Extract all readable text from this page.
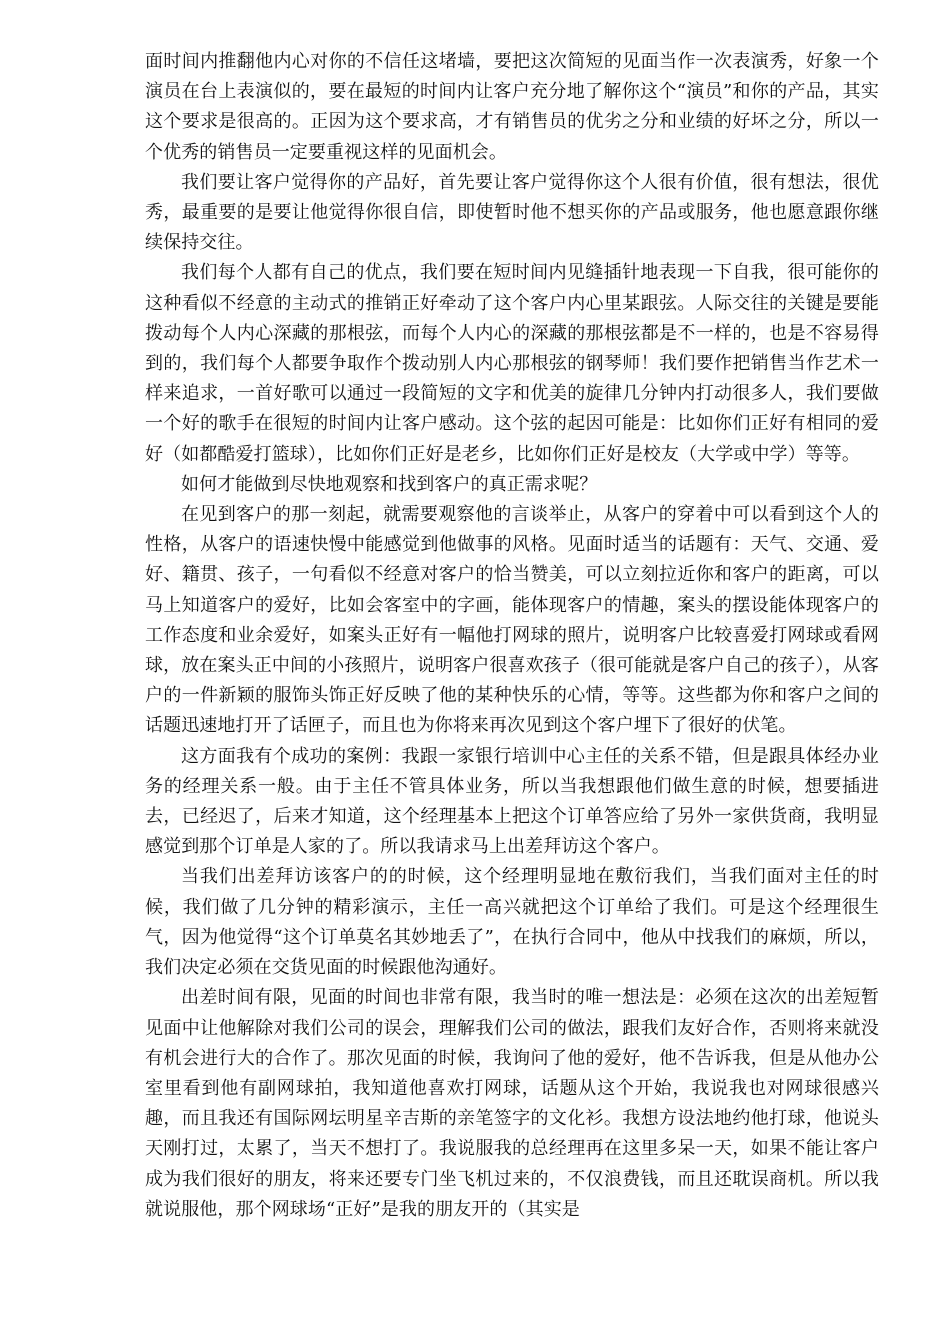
面时间内推翻他内心对你的不信任这堵墙，要把这次简短的见面当作一次表演秀，好象一个演员在台上表演似的，要在最短的时间内让客户充分地了解你这个“演员”和你的产品，其实这个要求是很高的。正因为这个要求高，才有销售员的优劣之分和业绩的好坏之分，所以一个优秀的销售员一定要重视这样的见面机会。

我们要让客户觉得你的产品好，首先要让客户觉得你这个人很有价值，很有想法，很优秀，最重要的是要让他觉得你很自信，即使暂时他不想买你的产品或服务，他也愿意跟你继续保持交往。

我们每个人都有自己的优点，我们要在短时间内见缝插针地表现一下自我，很可能你的这种看似不经意的主动式的推销正好牵动了这个客户内心里某跟弦。人际交往的关键是要能拨动每个人内心深藏的那根弦，而每个人内心的深藏的那根弦都是不一样的，也是不容易得到的，我们每个人都要争取作个拨动别人内心那根弦的钢琴师！我们要作把销售当作艺术一样来追求，一首好歌可以通过一段简短的文字和优美的旋律几分钟内打动很多人，我们要做一个好的歌手在很短的时间内让客户感动。这个弦的起因可能是：比如你们正好有相同的爱好（如都酷爱打篮球），比如你们正好是老乡，比如你们正好是校友（大学或中学）等等。

如何才能做到尽快地观察和找到客户的真正需求呢？

在见到客户的那一刻起，就需要观察他的言谈举止，从客户的穿着中可以看到这个人的性格，从客户的语速快慢中能感觉到他做事的风格。见面时适当的话题有：天气、交通、爱好、籍贯、孩子，一句看似不经意对客户的恰当赞美，可以立刻拉近你和客户的距离，可以马上知道客户的爱好，比如会客室中的字画，能体现客户的情趣，案头的摆设能体现客户的工作态度和业余爱好，如案头正好有一幅他打网球的照片，说明客户比较喜爱打网球或看网球，放在案头正中间的小孩照片，说明客户很喜欢孩子（很可能就是客户自己的孩子），从客户的一件新颖的服饰头饰正好反映了他的某种快乐的心情，等等。这些都为你和客户之间的话题迅速地打开了话匣子，而且也为你将来再次见到这个客户埋下了很好的伏笔。

这方面我有个成功的案例：我跟一家银行培训中心主任的关系不错，但是跟具体经办业务的经理关系一般。由于主任不管具体业务，所以当我想跟他们做生意的时候，想要插进去，已经迟了，后来才知道，这个经理基本上把这个订单答应给了另外一家供货商，我明显感觉到那个订单是人家的了。所以我请求马上出差拜访这个客户。

当我们出差拜访该客户的的时候，这个经理明显地在敷衍我们，当我们面对主任的时候，我们做了几分钟的精彩演示，主任一高兴就把这个订单给了我们。可是这个经理很生气，因为他觉得“这个订单莫名其妙地丢了”，在执行合同中，他从中找我们的麻烦，所以，我们决定必须在交货见面的时候跟他沟通好。

出差时间有限，见面的时间也非常有限，我当时的唯一想法是：必须在这次的出差短暂见面中让他解除对我们公司的误会，理解我们公司的做法，跟我们友好合作，否则将来就没有机会进行大的合作了。那次见面的时候，我询问了他的爱好，他不告诉我，但是从他办公室里看到他有副网球拍，我知道他喜欢打网球，话题从这个开始，我说我也对网球很感兴趣，而且我还有国际网坛明星辛吉斯的亲笔签字的文化衫。我想方设法地约他打球，他说头天刚打过，太累了，当天不想打了。我说服我的总经理再在这里多呆一天，如果不能让客户成为我们很好的朋友，将来还要专门坐飞机过来的，不仅浪费钱，而且还耽误商机。所以我就说服他，那个网球场“正好”是我的朋友开的（其实是
